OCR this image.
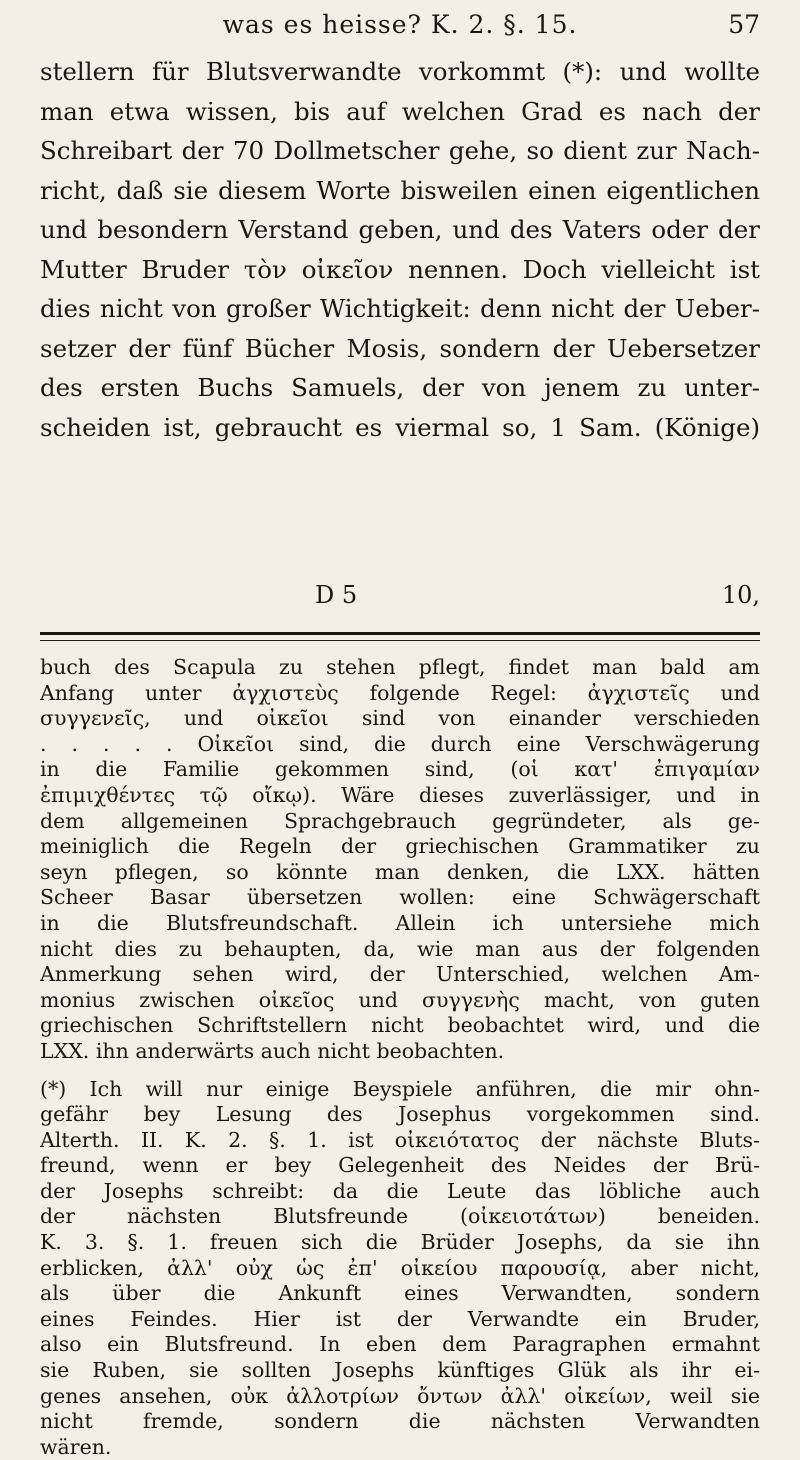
was es heisse? K. 2. §. 15.	57
stellern für Blutsverwandte vorkommt (*): und wollte
man etwa wissen, bis auf welchen Grad es nach der
Schreibart der 70 Dollmetscher gehe, so dient zur Nach-
richt, daß sie diesem Worte bisweilen einen eigentlichen
und besondern Verstand geben, und des Vaters oder der
Mutter Bruder τὸν οἰκεῖον nennen. Doch vielleicht ist
dies nicht von großer Wichtigkeit: denn nicht der Ueber-
setzer der fünf Bücher Mosis, sondern der Uebersetzer
des ersten Buchs Samuels, der von jenem zu unter-
scheiden ist, gebraucht es viermal so, 1 Sam. (Könige)
D 5	10,
buch des Scapula zu stehen pflegt, findet man bald am
Anfang unter ἀγχιστεὺς folgende Regel: ἀγχιστεῖς und
συγγενεῖς, und οἰκεῖοι sind von einander verschieden
. . . . . Οἰκεῖοι sind, die durch eine Verschwägerung
in die Familie gekommen sind, (οἱ κατ' ἐπιγαμίαν
ἐπιμιχθέντες τῷ οἴκῳ). Wäre dieses zuverlässiger, und in
dem allgemeinen Sprachgebrauch gegründeter, als ge-
meiniglich die Regeln der griechischen Grammatiker zu
seyn pflegen, so könnte man denken, die LXX. hätten
Scheer Basar übersetzen wollen: eine Schwägerschaft
in die Blutsfreundschaft. Allein ich untersiehe mich
nicht dies zu behaupten, da, wie man aus der folgenden
Anmerkung sehen wird, der Unterschied, welchen Am-
monius zwischen οἰκεῖος und συγγενὴς macht, von guten
griechischen Schriftstellern nicht beobachtet wird, und die
LXX. ihn anderwärts auch nicht beobachten.
(*) Ich will nur einige Beyspiele anführen, die mir ohn-
gefähr bey Lesung des Josephus vorgekommen sind.
Alterth. II. K. 2. §. 1. ist οἰκειότατος der nächste Bluts-
freund, wenn er bey Gelegenheit des Neides der Brü-
der Josephs schreibt: da die Leute das löbliche auch
der nächsten Blutsfreunde (οἰκειοτάτων) beneiden.
K. 3. §. 1. freuen sich die Brüder Josephs, da sie ihn
erblicken, ἀλλ' οὐχ ὡς ἐπ' οἰκείου παρουσίᾳ, aber nicht,
als über die Ankunft eines Verwandten, sondern
eines Feindes. Hier ist der Verwandte ein Bruder,
also ein Blutsfreund. In eben dem Paragraphen ermahnt
sie Ruben, sie sollten Josephs künftiges Glük als ihr ei-
genes ansehen, οὐκ ἀλλοτρίων ὄντων ἀλλ' οἰκείων, weil sie
nicht fremde, sondern die nächsten Verwandten
wären.
